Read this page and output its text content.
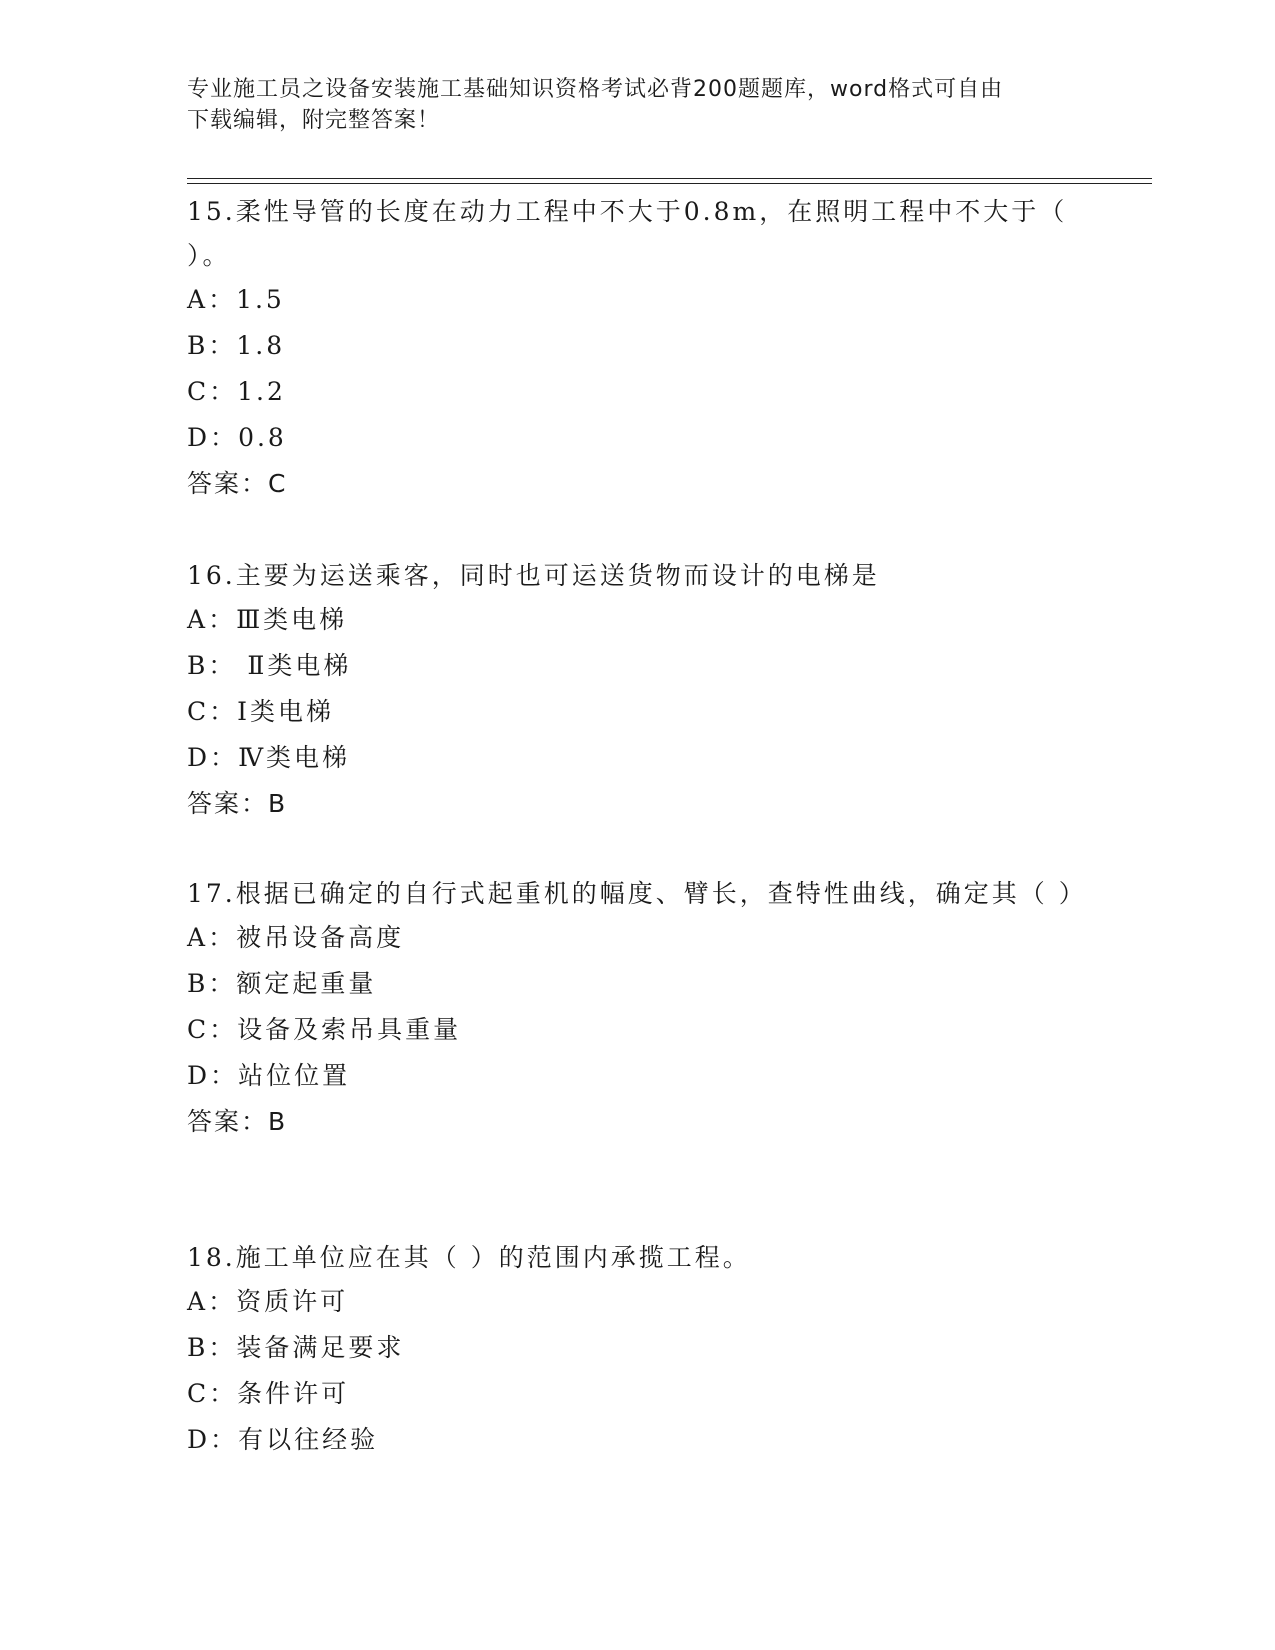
专业施工员之设备安装施工基础知识资格考试必背200题题库，word格式可自由
下载编辑，附完整答案！

15.柔性导管的长度在动力工程中不大于0.8m，在照明工程中不大于（ ）。

A：1.5
B：1.8
C：1.2
D：0.8
答案：C

16.主要为运送乘客，同时也可运送货物而设计的电梯是

A：Ⅲ类电梯
B： Ⅱ类电梯
C：Ⅰ类电梯
D：Ⅳ类电梯
答案：B

17.根据已确定的自行式起重机的幅度、臂长，查特性曲线，确定其（ ）

A：被吊设备高度
B：额定起重量
C：设备及索吊具重量
D：站位位置
答案：B

18.施工单位应在其（ ）的范围内承揽工程。

A：资质许可
B：装备满足要求
C：条件许可
D：有以往经验
